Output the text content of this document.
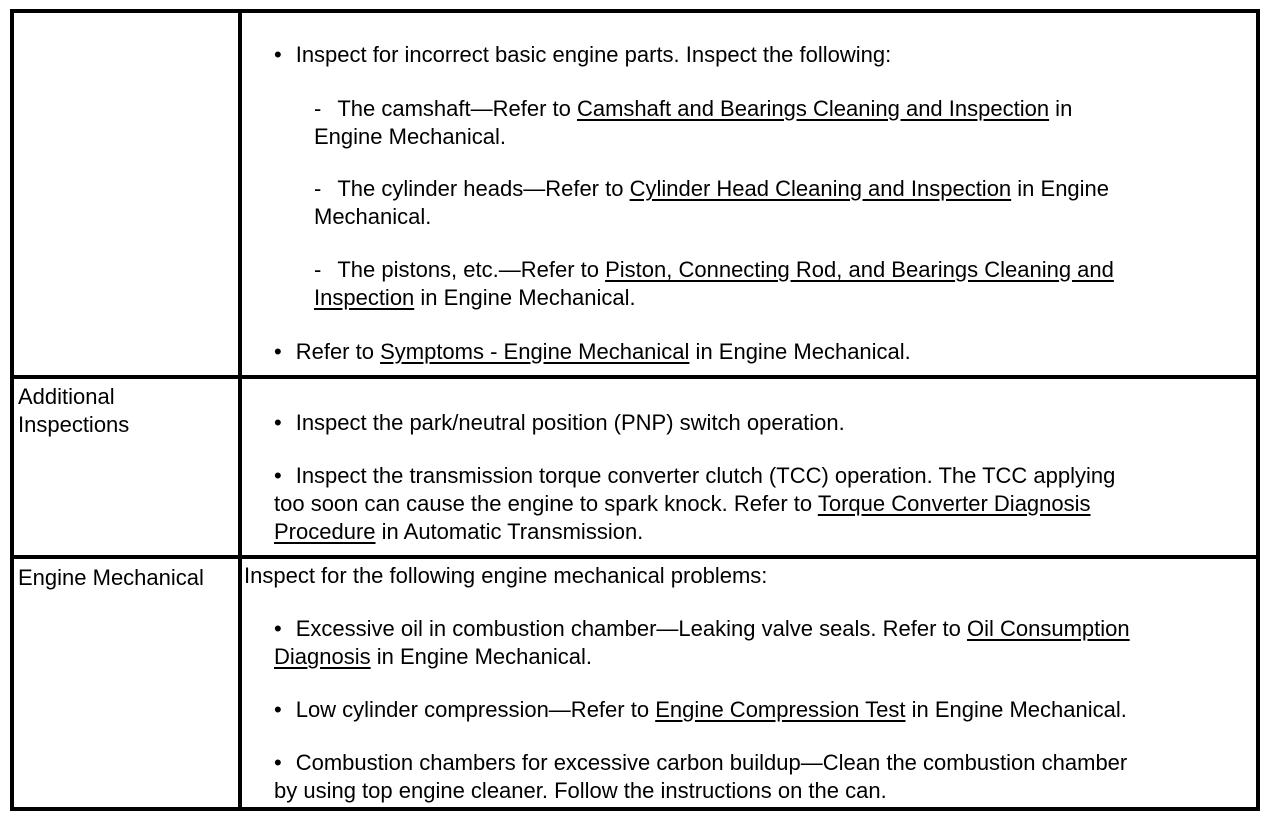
• Inspect for incorrect basic engine parts. Inspect the following:
- The camshaft—Refer to Camshaft and Bearings Cleaning and Inspection in
Engine Mechanical.
- The cylinder heads—Refer to Cylinder Head Cleaning and Inspection in Engine
Mechanical.
- The pistons, etc.—Refer to Piston, Connecting Rod, and Bearings Cleaning and
Inspection in Engine Mechanical.
• Refer to Symptoms - Engine Mechanical in Engine Mechanical.
Additional
Inspections	• Inspect the park/neutral position (PNP) switch operation.
• Inspect the transmission torque converter clutch (TCC) operation. The TCC applying
too soon can cause the engine to spark knock. Refer to Torque Converter Diagnosis
Procedure in Automatic Transmission.
Engine Mechanical Inspect for the following engine mechanical problems:
• Excessive oil in combustion chamber—Leaking valve seals. Refer to Oil Consumption
Diagnosis in Engine Mechanical.
• Low cylinder compression—Refer to Engine Compression Test in Engine Mechanical.
• Combustion chambers for excessive carbon buildup—Clean the combustion chamber
by using top engine cleaner. Follow the instructions on the can.
